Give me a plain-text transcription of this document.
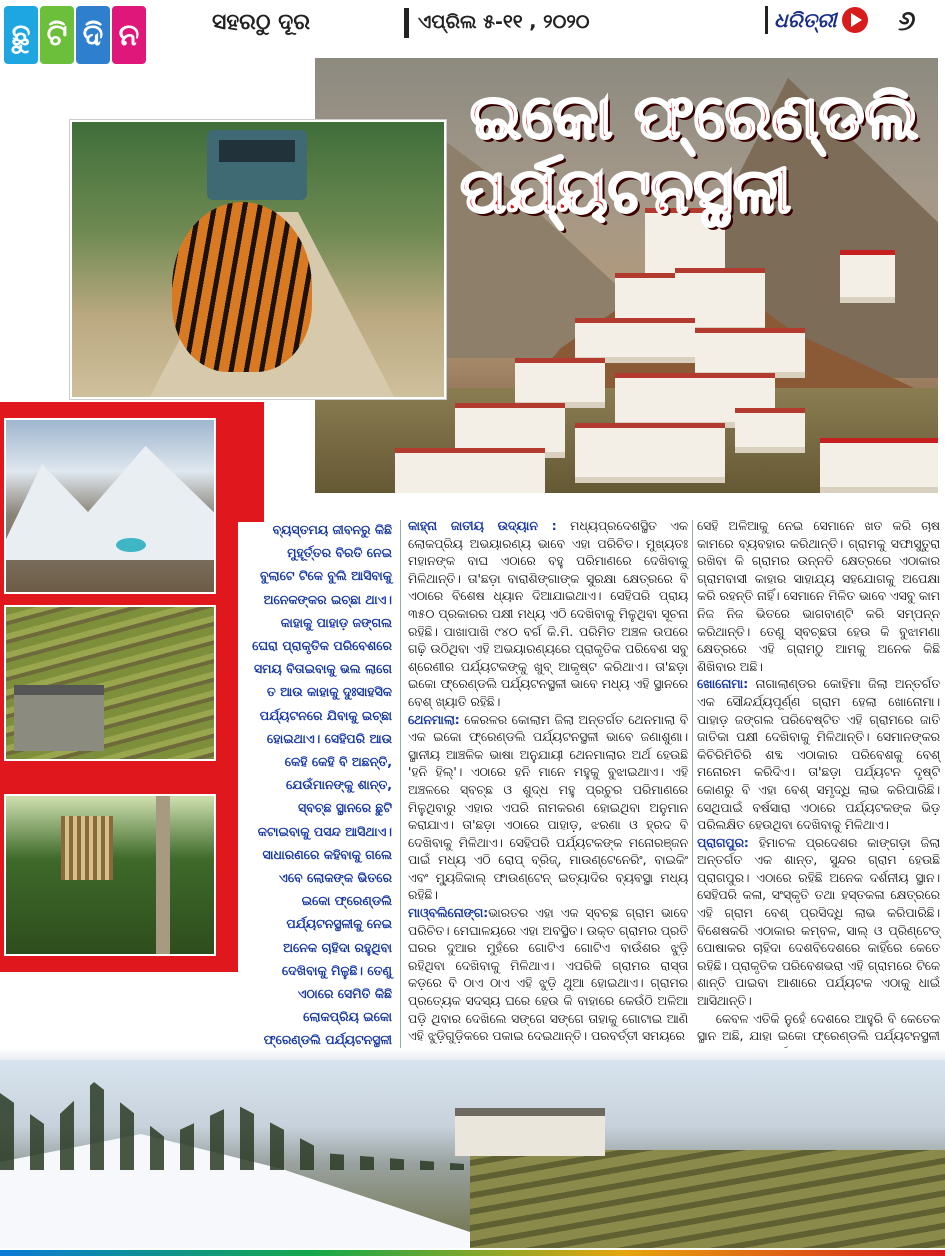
ଛୁ ଟି ଦି ନ	ସହରଠୁ ଦୂର	ଏପ୍ରିଲ ୫-୧୧ , ୨୦୨୦	ଧରିତ୍ରୀ ୬
ଇକୋ ଫ୍ରେଣ୍ଡଲି
ପର୍ଯ୍ୟଟନସ୍ଥଳୀ
ବ୍ୟସ୍ତମୟ ଜୀବନରୁ କିଛି ମୁହୂର୍ତ୍ତର ବିରତି ନେଇ ବୁଲାଟେ ଟିକେ ବୁଲି ଆସିବାକୁ ଅନେକଙ୍କର ଇଚ୍ଛା ଥାଏ। କାହାକୁ ପାହାଡ଼ ଜଙ୍ଗଲ ଘେରା ପ୍ରାକୃତିକ ପରିବେଶରେ ସମୟ ବିତାଇବାକୁ ଭଲ ଲାଗେ ତ ଆଉ କାହାକୁ ଦୁଃସାହସିକ ପର୍ଯ୍ୟଟନରେ ଯିବାକୁ ଇଚ୍ଛା ହୋଇଥାଏ। ସେହିପରି ଆଉ କେହି କେହି ବି ଅଛନ୍ତି, ଯେଉଁମାନଙ୍କୁ ଶାନ୍ତ, ସ୍ବଚ୍ଛ ସ୍ଥାନରେ ଛୁଟି କଟାଇବାକୁ ପସନ୍ଦ ଆସିଥାଏ। ସାଧାରଣରେ କହିବାକୁ ଗଲେ ଏବେ ଲୋକଙ୍କ ଭିତରେ ଇକୋ ଫ୍ରେଣ୍ଡଲି ପର୍ଯ୍ୟଟନସ୍ଥଳୀକୁ ନେଇ ଅନେକ ଚାହିଦା ରହୁଥିବା ଦେଖିବାକୁ ମିଳୁଛି। ତେଣୁ ଏଠାରେ ସେମିତି କିଛି ଲୋକପ୍ରିୟ ଇକୋ ଫ୍ରେଣ୍ଡଲି ପର୍ଯ୍ୟଟନସ୍ଥଳୀ

କାହ୍ନା ଜାତୀୟ ଉଦ୍ୟାନ : ମଧ୍ୟପ୍ରଦେଶସ୍ଥିତ ଏକ ଲୋକପ୍ରିୟ ଅଭୟାରଣ୍ୟ ଭାବେ ଏହା ପରିଚିତ। ମୁଖ୍ୟତଃ ମହାନଙ୍କ ବାଘ ଏଠାରେ ବହୁ ପରିମାଣରେ ଦେଖିବାକୁ ମିଳିଥାନ୍ତି। ତା'ଛଡ଼ା ବାରାଶିଙ୍ଗାଙ୍କ ସୁରକ୍ଷା କ୍ଷେତ୍ରରେ ବି ଏଠାରେ ବିଶେଷ ଧ୍ୟାନ ଦିଆଯାଇଥାଏ। ସେହିପରି ପ୍ରାୟ ୩୫୦ ପ୍ରକାରର ପକ୍ଷୀ ମଧ୍ୟ ଏଠି ଦେଖିବାକୁ ମିଳୁଥିବା ସୂଚନା ରହିଛି। ପାଖାପାଖି ୯୪୦ ବର୍ଗ କି.ମି. ପରିମିତ ଅଞ୍ଚଳ ଉପରେ ଗଢ଼ି ଉଠିଥିବା ଏହି ଅଭୟାରଣ୍ୟରେ ପ୍ରାକୃତିକ ପରିବେଶ ସବୁ ଶ୍ରେଣୀର ପର୍ଯ୍ୟଟକଙ୍କୁ ଖୁବ୍ ଆକୃଷ୍ଟ କରିଥାଏ। ତା'ଛଡ଼ା ଇକୋ ଫ୍ରେଣ୍ଡଲି ପର୍ଯ୍ୟଟନସ୍ଥଳୀ ଭାବେ ମଧ୍ୟ ଏହି ସ୍ଥାନରେ ବେଶ୍ ଖ୍ୟାତି ରହିଛି।

ଥେନମାଲା: କେରଳର କୋଲାମ ଜିଲା ଅନ୍ତର୍ଗତ ଥେନମାଲା ବି ଏକ ଇକୋ ଫ୍ରେଣ୍ଡଲି ପର୍ଯ୍ୟଟନସ୍ଥଳୀ ଭାବେ ଜଣାଶୁଣା। ସ୍ଥାନୀୟ ଆଞ୍ଚଳିକ ଭାଷା ଅନୁଯାୟୀ ଥେନମାଲାର ଅର୍ଥ ହେଉଛି 'ହନି ହିଲ୍'। ଏଠାରେ ହନି ମାନେ ମହୁକୁ ବୁଝାଇଥାଏ। ଏହି ଅଞ୍ଚଳରେ ସ୍ବଚ୍ଛ ଓ ଶୁଦ୍ଧ ମହୁ ପ୍ରଚୁର ପରିମାଣରେ ମିଳୁଥିବାରୁ ଏହାର ଏପରି ନାମକରଣ ହୋଇଥିବା ଅନୁମାନ କରାଯାଏ। ତା'ଛଡ଼ା ଏଠାରେ ପାହାଡ଼, ଝରଣା ଓ ହ୍ରଦ ବି ଦେଖିବାକୁ ମିଳିଥାଏ। ସେହିପରି ପର୍ଯ୍ୟଟକଙ୍କ ମନୋରଞ୍ଜନ ପାଇଁ ମଧ୍ୟ ଏଠି ରୋପ୍ ବ୍ରିଜ୍, ମାଉଣ୍ଟେନେରିଂ, ବାଇକିଂ ଏବଂ ମ୍ୟୁଜିକାଲ୍ ଫାଉଣ୍ଟେନ୍ ଇତ୍ୟାଦିର ବ୍ୟବସ୍ଥା ମଧ୍ୟ ରହିଛି।

ମାଓ୍ବଲିନୋଙ୍ଗ:ଭାରତର ଏହା ଏକ ସ୍ବଚ୍ଛ ଗ୍ରାମ ଭାବେ ପରିଚିତ। ମେଘାଳୟରେ ଏହା ଅବସ୍ଥିତ। ଉକ୍ତ ଗ୍ରାମର ପ୍ରତି ଘରର ଦୁଆର ମୁହଁରେ ଗୋଟିଏ ଗୋଟିଏ ବାଉଁଶର ଝୁଡ଼ି ରହିଥିବା ଦେଖିବାକୁ ମିଳିଥାଏ। ଏପରିକି ଗ୍ରାମର ରାସ୍ତା କଡ଼ରେ ବି ଠାଏ ଠାଏ ଏହି ଝୁଡ଼ି ଥୁଆ ହୋଇଥାଏ। ଗ୍ରାମର ପ୍ରତ୍ୟେକ ସଦସ୍ୟ ଘରେ ହେଉ କି ବାହାରେ କେଉଁଠି ଅଳିଆ ପଡ଼ି ଥିବାର ଦେଖିଲେ ସଙ୍ଗେ ସଙ୍ଗେ ତାହାକୁ ଗୋଟାଇ ଆଣି ଏହି ଝୁଡ଼ିଗୁଡ଼ିକରେ ପକାଇ ଦେଇଥାନ୍ତି। ପରବର୍ତ୍ତୀ ସମୟରେ

ସେହି ଅଳିଆକୁ ନେଇ ସେମାନେ ଖତ କରି ଚାଷ କାମରେ ବ୍ୟବହାର କରିଥାନ୍ତି। ଗ୍ରାମକୁ ସଫାସୁତୁରା ରଖିବା କି ଗ୍ରାମର ଉନ୍ନତି କ୍ଷେତ୍ରରେ ଏଠାକାର ଗ୍ରାମବାସୀ କାହାର ସାହାଯ୍ୟ ସହଯୋଗକୁ ଅପେକ୍ଷା କରି ରହନ୍ତି ନାହିଁ। ସେମାନେ ମିଳିତ ଭାବେ ଏସବୁ କାମ ନିଜ ନିଜ ଭିତରେ ଭାଗବାଣ୍ଟି କରି ସମ୍ପନ୍ନ କରିଥାନ୍ତି। ତେଣୁ ସ୍ବଚ୍ଛତା ହେଉ କି ବୁଝାମଣା କ୍ଷେତ୍ରରେ ଏହି ଗ୍ରାମଠୁ ଆମକୁ ଅନେକ କିଛି ଶିଖିବାର ଅଛି।

ଖୋନୋମା: ନାଗାଲାଣ୍ଡର କୋହିମା ଜିଲା ଅନ୍ତର୍ଗତ ଏକ ସୌନ୍ଦର୍ଯ୍ୟପୂର୍ଣ୍ଣ ଗ୍ରାମ ହେଲା ଖୋନୋମା। ପାହାଡ଼ ଜଙ୍ଗଲ ପରିବେଷ୍ଟିତ ଏହି ଗ୍ରାମରେ ଜାତି ଜାତିକା ପକ୍ଷୀ ଦେଖିବାକୁ ମିଳିଥାନ୍ତି। ସେମାନଙ୍କର କିଚିରିମିଚିରି ଶବ୍ଦ ଏଠାକାର ପରିବେଶକୁ ବେଶ୍ ମନୋରମ କରିଦିଏ। ତା'ଛଡ଼ା ପର୍ଯ୍ୟଟନ ଦୃଷ୍ଟି କୋଣରୁ ବି ଏହା ବେଶ୍ ସମୃଦ୍ଧି ଲାଭ କରିପାରିଛି। ସେଥିପାଇଁ ବର୍ଷସାରା ଏଠାରେ ପର୍ଯ୍ୟଟକଙ୍କ ଭିଡ଼ ପରିଲକ୍ଷିତ ହେଉଥିବା ଦେଖିବାକୁ ମିଳିଥାଏ।

ପ୍ରାଗପୁର: ହିମାଚଳ ପ୍ରଦେଶର କାଙ୍ଗଡ଼ା ଜିଲା ଅନ୍ତର୍ଗତ ଏକ ଶାନ୍ତ, ସୁନ୍ଦର ଗ୍ରାମ ହେଉଛି ପ୍ରାଗପୁର। ଏଠାରେ ରହିଛି ଅନେକ ଦର୍ଶନୀୟ ସ୍ଥାନ। ସେହିପରି କଳା, ସଂସ୍କୃତି ତଥା ହସ୍ତକଳା କ୍ଷେତ୍ରରେ ଏହି ଗ୍ରାମ ବେଶ୍ ପ୍ରସିଦ୍ଧି ଲାଭ କରିପାରିଛି। ବିଶେଷକରି ଏଠାକାର କମ୍ବଳ, ସାଲ୍ ଓ ପ୍ରିଣ୍ଟେଡ୍ ପୋଷାକର ଚାହିଦା ଦେଶବିଦେଶରେ କାହିଁରେ କେତେ ରହିଛି। ପ୍ରାକୃତିକ ପରିବେଶଭରା ଏହି ଗ୍ରାମରେ ଟିକେ ଶାନ୍ତି ପାଇବା ଆଶାରେ ପର୍ଯ୍ୟଟକ ଏଠାକୁ ଧାଇଁ ଆସିଥାନ୍ତି।

କେବଳ ଏତିକି ନୁହେଁ ଦେଶରେ ଆହୁରି ବି କେତେକ ସ୍ଥାନ ଅଛି, ଯାହା ଇକୋ ଫ୍ରେଣ୍ଡଲି ପର୍ଯ୍ୟଟନସ୍ଥଳୀ
